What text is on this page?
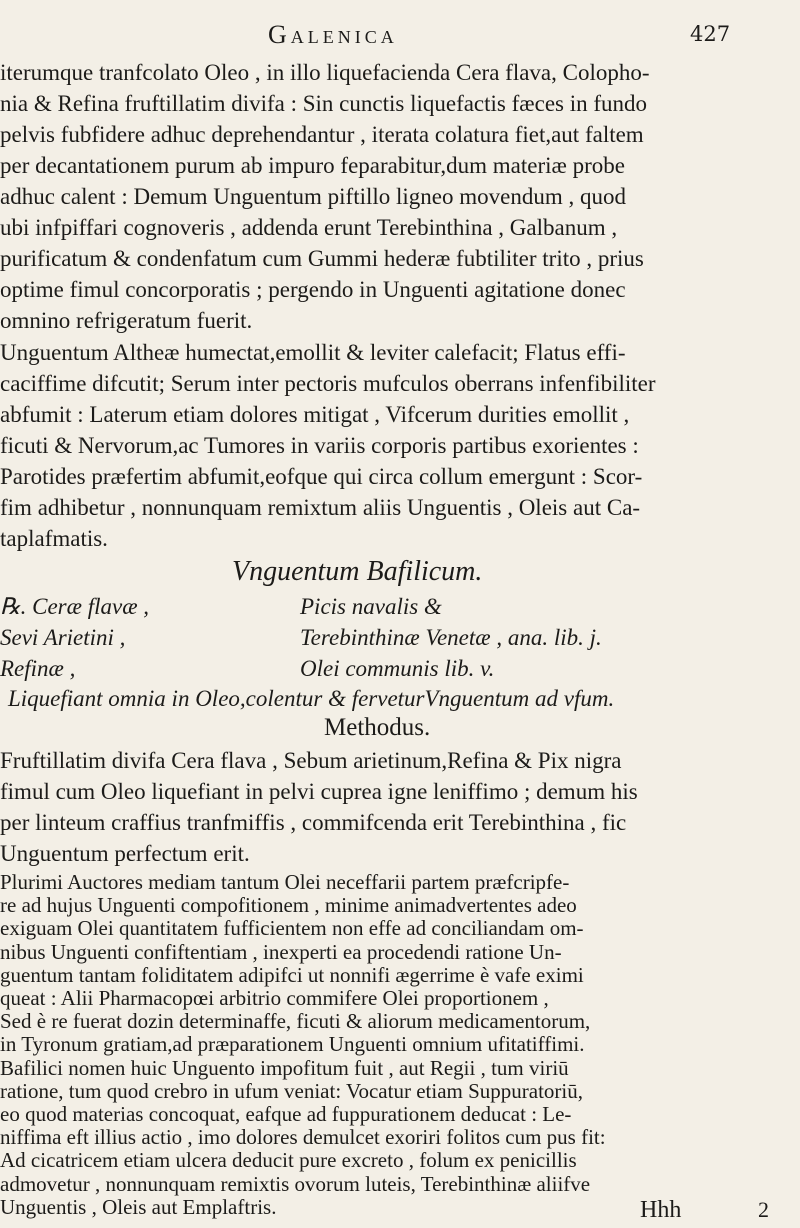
Galenica	427
iterumque tranfcolato Oleo , in illo liquefacienda Cera flava, Colopho-
nia & Refina fruftillatim divifa : Sin cunctis liquefactis fæces in fundo
pelvis fubfidere adhuc deprehendantur , iterata colatura fiet,aut faltem
per decantationem purum ab impuro feparabitur,dum materiæ probe
adhuc calent : Demum Unguentum piftillo ligneo movendum , quod
ubi infpiffari cognoveris , addenda erunt Terebinthina , Galbanum ,
purificatum & condenfatum cum Gummi hederæ fubtiliter trito , prius
optime fimul concorporatis ; pergendo in Unguenti agitatione donec
omnino refrigeratum fuerit.
Unguentum Altheæ humectat,emollit & leviter calefacit; Flatus effi-
caciffime difcutit; Serum inter pectoris mufculos oberrans infenfibiliter
abfumit : Laterum etiam dolores mitigat , Vifcerum durities emollit ,
ficuti & Nervorum,ac Tumores in variis corporis partibus exorientes :
Parotides præfertim abfumit,eofque qui circa collum emergunt : Scor-
fim adhibetur , nonnunquam remixtum aliis Unguentis , Oleis aut Ca-
taplafmatis.
Vnguentum Bafilicum.
℞. Ceræ flavæ ,	Picis navalis &
Sevi Arietini ,	Terebinthinæ Venetæ , ana. lib. j.
Refinæ ,	Olei communis lib. v.
Liquefiant omnia in Oleo,colentur & ferveturVnguentum ad vfum.
Methodus.
Fruftillatim divifa Cera flava , Sebum arietinum,Refina & Pix nigra
fimul cum Oleo liquefiant in pelvi cuprea igne leniffimo ; demum his
per linteum craffius tranfmiffis , commifcenda erit Terebinthina , fic
Unguentum perfectum erit.
Plurimi Auctores mediam tantum Olei neceffarii partem præfcripfe-
re ad hujus Unguenti compofitionem , minime animadvertentes adeo
exiguam Olei quantitatem fufficientem non effe ad conciliandam om-
nibus Unguenti confiftentiam , inexperti ea procedendi ratione Un-
guentum tantam foliditatem adipifci ut nonnifi ægerrime è vafe eximi
queat : Alii Pharmacopœi arbitrio commifere Olei proportionem ,
Sed è re fuerat dozin determinaffe, ficuti & aliorum medicamentorum,
in Tyronum gratiam,ad præparationem Unguenti omnium ufitatiffimi.
Bafilici nomen huic Unguento impofitum fuit , aut Regii , tum viriū
ratione, tum quod crebro in ufum veniat: Vocatur etiam Suppuratoriū,
eo quod materias concoquat, eafque ad fuppurationem deducat : Le-
niffima eft illius actio , imo dolores demulcet exoriri folitos cum pus fit:
Ad cicatricem etiam ulcera deducit pure excreto , folum ex penicillis
admovetur , nonnunquam remixtis ovorum luteis, Terebinthinæ aliifve
Unguentis , Oleis aut Emplaftris.	Hhh	2
